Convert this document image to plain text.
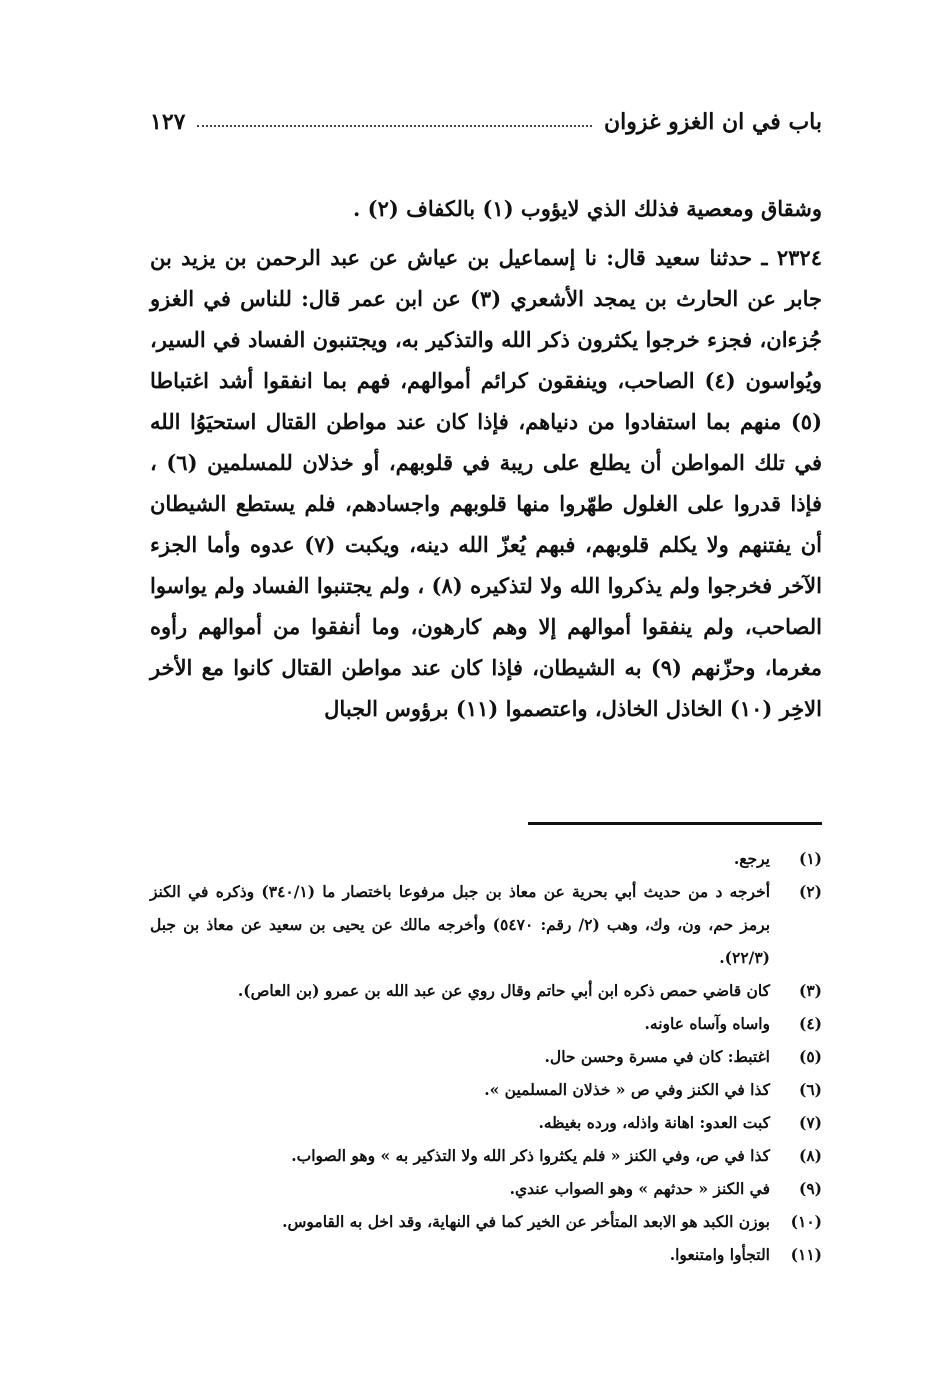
باب في ان الغزو غزوان
١٢٧

وشقاق ومعصية فذلك الذي لايؤوب (١) بالكفاف (٢) .

٢٣٢٤ ـ حدثنا سعيد قال: نا إسماعيل بن عياش عن عبد الرحمن بن يزيد بن جابر عن الحارث بن يمجد الأشعري (٣) عن ابن عمر قال: للناس في الغزو جُزءان، فجزء خرجوا يكثرون ذكر الله والتذكير به، ويجتنبون الفساد في السير، ويُواسون (٤) الصاحب، وينفقون كرائم أموالهم، فهم بما انفقوا أشد اغتباطا (٥) منهم بما استفادوا من دنياهم، فإذا كان عند مواطن القتال استحيَوُا الله في تلك المواطن أن يطلع على ريبة في قلوبهم، أو خذلان للمسلمين (٦) ، فإذا قدروا على الغلول طهّروا منها قلوبهم واجسادهم، فلم يستطع الشيطان أن يفتنهم ولا يكلم قلوبهم، فبهم يُعزّ الله دينه، ويكبت (٧) عدوه وأما الجزء الآخر فخرجوا ولم يذكروا الله ولا لتذكيره (٨) ، ولم يجتنبوا الفساد ولم يواسوا الصاحب، ولم ينفقوا أموالهم إلا وهم كارهون، وما أنفقوا من أموالهم رأوه مغرما، وحزّنهم (٩) به الشيطان، فإذا كان عند مواطن القتال كانوا مع الأخر الاخِر (١٠) الخاذل الخاذل، واعتصموا (١١) برؤوس الجبال

(١)
يرجع.
(٢)
أخرجه د من حديث أبي بحرية عن معاذ بن جبل مرفوعا باختصار ما (٣٤٠/١) وذكره في الكنز برمز حم، ون، وك، وهب (٢/ رقم: ٥٤٧٠) وأخرجه مالك عن يحيى بن سعيد عن معاذ بن جبل (٢٢/٣).
(٣)
كان قاضي حمص ذكره ابن أبي حاتم وقال روي عن عبد الله بن عمرو (بن العاص).
(٤)
واساه وآساه عاونه.
(٥)
اغتبط: كان في مسرة وحسن حال.
(٦)
كذا في الكنز وفي ص « خذلان المسلمين ».
(٧)
كبت العدو: اهانة واذله، ورده بغيظه.
(٨)
كذا في ص، وفي الكنز « فلم يكثروا ذكر الله ولا التذكير به » وهو الصواب.
(٩)
في الكنز « حدثهم » وهو الصواب عندي.
(١٠)
بوزن الكبد هو الابعد المتأخر عن الخير كما في النهاية، وقد اخل به القاموس.
(١١)
التجأوا وامتنعوا.
